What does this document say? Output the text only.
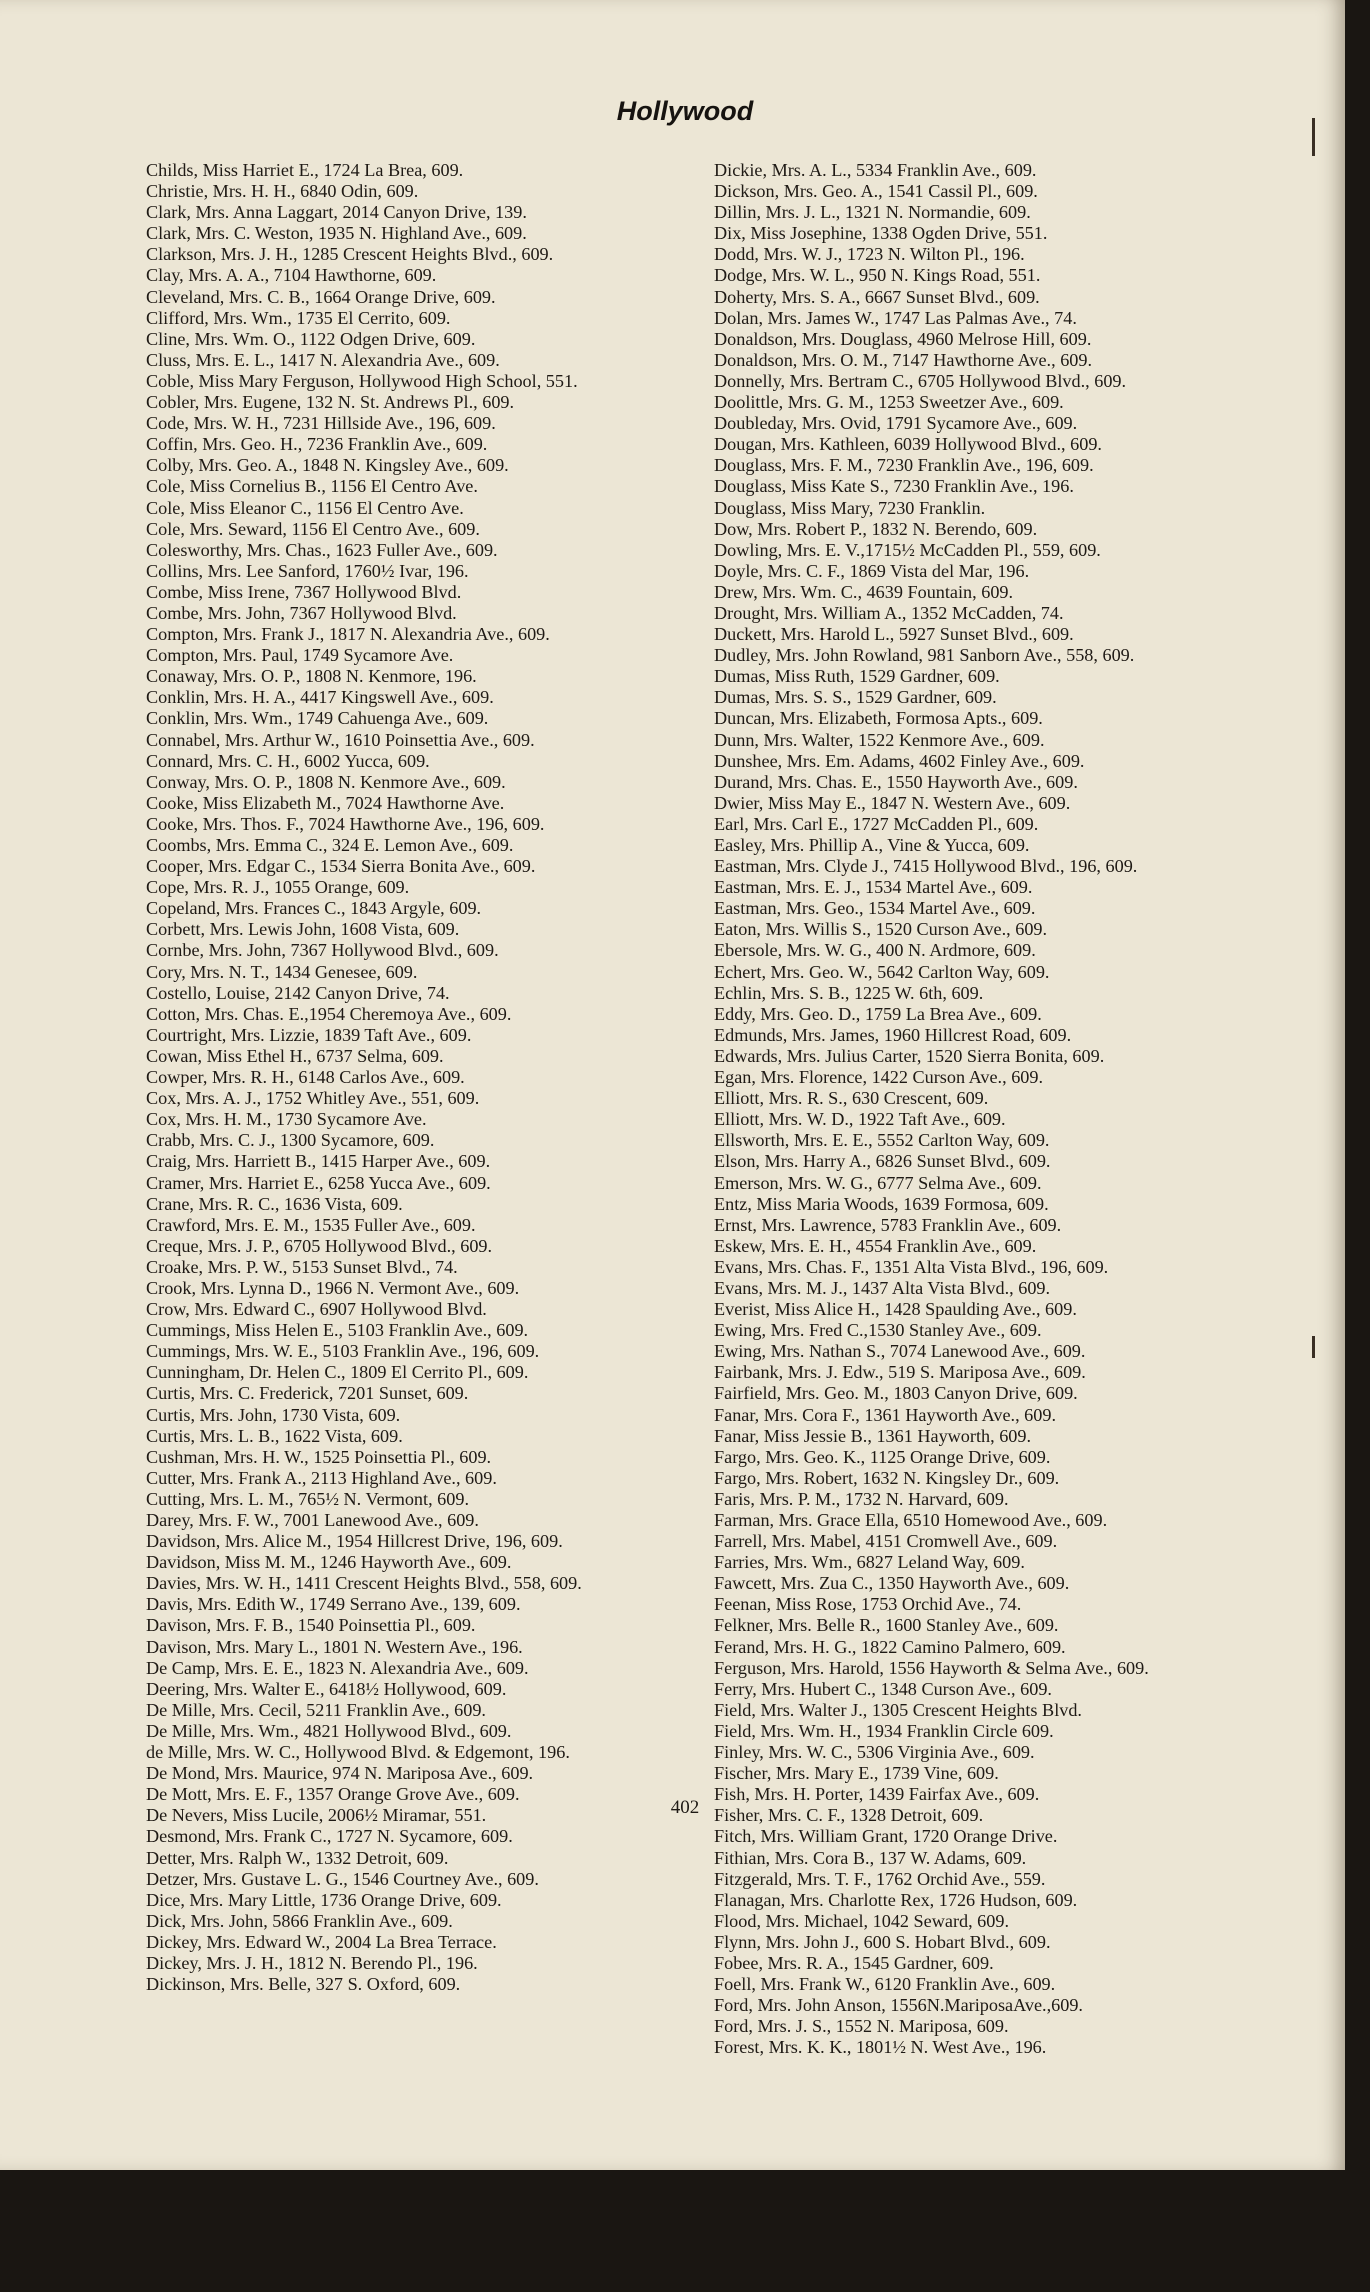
Hollywood
Childs, Miss Harriet E., 1724 La Brea, 609.
Christie, Mrs. H. H., 6840 Odin, 609.
Clark, Mrs. Anna Laggart, 2014 Canyon Drive, 139.
Clark, Mrs. C. Weston, 1935 N. Highland Ave., 609.
Clarkson, Mrs. J. H., 1285 Crescent Heights Blvd., 609.
Clay, Mrs. A. A., 7104 Hawthorne, 609.
Cleveland, Mrs. C. B., 1664 Orange Drive, 609.
Clifford, Mrs. Wm., 1735 El Cerrito, 609.
Cline, Mrs. Wm. O., 1122 Odgen Drive, 609.
Cluss, Mrs. E. L., 1417 N. Alexandria Ave., 609.
Coble, Miss Mary Ferguson, Hollywood High School, 551.
Cobler, Mrs. Eugene, 132 N. St. Andrews Pl., 609.
Code, Mrs. W. H., 7231 Hillside Ave., 196, 609.
Coffin, Mrs. Geo. H., 7236 Franklin Ave., 609.
Colby, Mrs. Geo. A., 1848 N. Kingsley Ave., 609.
Cole, Miss Cornelius B., 1156 El Centro Ave.
Cole, Miss Eleanor C., 1156 El Centro Ave.
Cole, Mrs. Seward, 1156 El Centro Ave., 609.
Colesworthy, Mrs. Chas., 1623 Fuller Ave., 609.
Collins, Mrs. Lee Sanford, 1760½ Ivar, 196.
Combe, Miss Irene, 7367 Hollywood Blvd.
Combe, Mrs. John, 7367 Hollywood Blvd.
Compton, Mrs. Frank J., 1817 N. Alexandria Ave., 609.
Compton, Mrs. Paul, 1749 Sycamore Ave.
Conaway, Mrs. O. P., 1808 N. Kenmore, 196.
Conklin, Mrs. H. A., 4417 Kingswell Ave., 609.
Conklin, Mrs. Wm., 1749 Cahuenga Ave., 609.
Connabel, Mrs. Arthur W., 1610 Poinsettia Ave., 609.
Connard, Mrs. C. H., 6002 Yucca, 609.
Conway, Mrs. O. P., 1808 N. Kenmore Ave., 609.
Cooke, Miss Elizabeth M., 7024 Hawthorne Ave.
Cooke, Mrs. Thos. F., 7024 Hawthorne Ave., 196, 609.
Coombs, Mrs. Emma C., 324 E. Lemon Ave., 609.
Cooper, Mrs. Edgar C., 1534 Sierra Bonita Ave., 609.
Cope, Mrs. R. J., 1055 Orange, 609.
Copeland, Mrs. Frances C., 1843 Argyle, 609.
Corbett, Mrs. Lewis John, 1608 Vista, 609.
Cornbe, Mrs. John, 7367 Hollywood Blvd., 609.
Cory, Mrs. N. T., 1434 Genesee, 609.
Costello, Louise, 2142 Canyon Drive, 74.
Cotton, Mrs. Chas. E.,1954 Cheremoya Ave., 609.
Courtright, Mrs. Lizzie, 1839 Taft Ave., 609.
Cowan, Miss Ethel H., 6737 Selma, 609.
Cowper, Mrs. R. H., 6148 Carlos Ave., 609.
Cox, Mrs. A. J., 1752 Whitley Ave., 551, 609.
Cox, Mrs. H. M., 1730 Sycamore Ave.
Crabb, Mrs. C. J., 1300 Sycamore, 609.
Craig, Mrs. Harriett B., 1415 Harper Ave., 609.
Cramer, Mrs. Harriet E., 6258 Yucca Ave., 609.
Crane, Mrs. R. C., 1636 Vista, 609.
Crawford, Mrs. E. M., 1535 Fuller Ave., 609.
Creque, Mrs. J. P., 6705 Hollywood Blvd., 609.
Croake, Mrs. P. W., 5153 Sunset Blvd., 74.
Crook, Mrs. Lynna D., 1966 N. Vermont Ave., 609.
Crow, Mrs. Edward C., 6907 Hollywood Blvd.
Cummings, Miss Helen E., 5103 Franklin Ave., 609.
Cummings, Mrs. W. E., 5103 Franklin Ave., 196, 609.
Cunningham, Dr. Helen C., 1809 El Cerrito Pl., 609.
Curtis, Mrs. C. Frederick, 7201 Sunset, 609.
Curtis, Mrs. John, 1730 Vista, 609.
Curtis, Mrs. L. B., 1622 Vista, 609.
Cushman, Mrs. H. W., 1525 Poinsettia Pl., 609.
Cutter, Mrs. Frank A., 2113 Highland Ave., 609.
Cutting, Mrs. L. M., 765½ N. Vermont, 609.
Darey, Mrs. F. W., 7001 Lanewood Ave., 609.
Davidson, Mrs. Alice M., 1954 Hillcrest Drive, 196, 609.
Davidson, Miss M. M., 1246 Hayworth Ave., 609.
Davies, Mrs. W. H., 1411 Crescent Heights Blvd., 558, 609.
Davis, Mrs. Edith W., 1749 Serrano Ave., 139, 609.
Davison, Mrs. F. B., 1540 Poinsettia Pl., 609.
Davison, Mrs. Mary L., 1801 N. Western Ave., 196.
De Camp, Mrs. E. E., 1823 N. Alexandria Ave., 609.
Deering, Mrs. Walter E., 6418½ Hollywood, 609.
De Mille, Mrs. Cecil, 5211 Franklin Ave., 609.
De Mille, Mrs. Wm., 4821 Hollywood Blvd., 609.
de Mille, Mrs. W. C., Hollywood Blvd. & Edgemont, 196.
De Mond, Mrs. Maurice, 974 N. Mariposa Ave., 609.
De Mott, Mrs. E. F., 1357 Orange Grove Ave., 609.
De Nevers, Miss Lucile, 2006½ Miramar, 551.
Desmond, Mrs. Frank C., 1727 N. Sycamore, 609.
Detter, Mrs. Ralph W., 1332 Detroit, 609.
Detzer, Mrs. Gustave L. G., 1546 Courtney Ave., 609.
Dice, Mrs. Mary Little, 1736 Orange Drive, 609.
Dick, Mrs. John, 5866 Franklin Ave., 609.
Dickey, Mrs. Edward W., 2004 La Brea Terrace.
Dickey, Mrs. J. H., 1812 N. Berendo Pl., 196.
Dickinson, Mrs. Belle, 327 S. Oxford, 609.
Dickie, Mrs. A. L., 5334 Franklin Ave., 609.
Dickson, Mrs. Geo. A., 1541 Cassil Pl., 609.
Dillin, Mrs. J. L., 1321 N. Normandie, 609.
Dix, Miss Josephine, 1338 Ogden Drive, 551.
Dodd, Mrs. W. J., 1723 N. Wilton Pl., 196.
Dodge, Mrs. W. L., 950 N. Kings Road, 551.
Doherty, Mrs. S. A., 6667 Sunset Blvd., 609.
Dolan, Mrs. James W., 1747 Las Palmas Ave., 74.
Donaldson, Mrs. Douglass, 4960 Melrose Hill, 609.
Donaldson, Mrs. O. M., 7147 Hawthorne Ave., 609.
Donnelly, Mrs. Bertram C., 6705 Hollywood Blvd., 609.
Doolittle, Mrs. G. M., 1253 Sweetzer Ave., 609.
Doubleday, Mrs. Ovid, 1791 Sycamore Ave., 609.
Dougan, Mrs. Kathleen, 6039 Hollywood Blvd., 609.
Douglass, Mrs. F. M., 7230 Franklin Ave., 196, 609.
Douglass, Miss Kate S., 7230 Franklin Ave., 196.
Douglass, Miss Mary, 7230 Franklin.
Dow, Mrs. Robert P., 1832 N. Berendo, 609.
Dowling, Mrs. E. V.,1715½ McCadden Pl., 559, 609.
Doyle, Mrs. C. F., 1869 Vista del Mar, 196.
Drew, Mrs. Wm. C., 4639 Fountain, 609.
Drought, Mrs. William A., 1352 McCadden, 74.
Duckett, Mrs. Harold L., 5927 Sunset Blvd., 609.
Dudley, Mrs. John Rowland, 981 Sanborn Ave., 558, 609.
Dumas, Miss Ruth, 1529 Gardner, 609.
Dumas, Mrs. S. S., 1529 Gardner, 609.
Duncan, Mrs. Elizabeth, Formosa Apts., 609.
Dunn, Mrs. Walter, 1522 Kenmore Ave., 609.
Dunshee, Mrs. Em. Adams, 4602 Finley Ave., 609.
Durand, Mrs. Chas. E., 1550 Hayworth Ave., 609.
Dwier, Miss May E., 1847 N. Western Ave., 609.
Earl, Mrs. Carl E., 1727 McCadden Pl., 609.
Easley, Mrs. Phillip A., Vine & Yucca, 609.
Eastman, Mrs. Clyde J., 7415 Hollywood Blvd., 196, 609.
Eastman, Mrs. E. J., 1534 Martel Ave., 609.
Eastman, Mrs. Geo., 1534 Martel Ave., 609.
Eaton, Mrs. Willis S., 1520 Curson Ave., 609.
Ebersole, Mrs. W. G., 400 N. Ardmore, 609.
Echert, Mrs. Geo. W., 5642 Carlton Way, 609.
Echlin, Mrs. S. B., 1225 W. 6th, 609.
Eddy, Mrs. Geo. D., 1759 La Brea Ave., 609.
Edmunds, Mrs. James, 1960 Hillcrest Road, 609.
Edwards, Mrs. Julius Carter, 1520 Sierra Bonita, 609.
Egan, Mrs. Florence, 1422 Curson Ave., 609.
Elliott, Mrs. R. S., 630 Crescent, 609.
Elliott, Mrs. W. D., 1922 Taft Ave., 609.
Ellsworth, Mrs. E. E., 5552 Carlton Way, 609.
Elson, Mrs. Harry A., 6826 Sunset Blvd., 609.
Emerson, Mrs. W. G., 6777 Selma Ave., 609.
Entz, Miss Maria Woods, 1639 Formosa, 609.
Ernst, Mrs. Lawrence, 5783 Franklin Ave., 609.
Eskew, Mrs. E. H., 4554 Franklin Ave., 609.
Evans, Mrs. Chas. F., 1351 Alta Vista Blvd., 196, 609.
Evans, Mrs. M. J., 1437 Alta Vista Blvd., 609.
Everist, Miss Alice H., 1428 Spaulding Ave., 609.
Ewing, Mrs. Fred C.,1530 Stanley Ave., 609.
Ewing, Mrs. Nathan S., 7074 Lanewood Ave., 609.
Fairbank, Mrs. J. Edw., 519 S. Mariposa Ave., 609.
Fairfield, Mrs. Geo. M., 1803 Canyon Drive, 609.
Fanar, Mrs. Cora F., 1361 Hayworth Ave., 609.
Fanar, Miss Jessie B., 1361 Hayworth, 609.
Fargo, Mrs. Geo. K., 1125 Orange Drive, 609.
Fargo, Mrs. Robert, 1632 N. Kingsley Dr., 609.
Faris, Mrs. P. M., 1732 N. Harvard, 609.
Farman, Mrs. Grace Ella, 6510 Homewood Ave., 609.
Farrell, Mrs. Mabel, 4151 Cromwell Ave., 609.
Farries, Mrs. Wm., 6827 Leland Way, 609.
Fawcett, Mrs. Zua C., 1350 Hayworth Ave., 609.
Feenan, Miss Rose, 1753 Orchid Ave., 74.
Felkner, Mrs. Belle R., 1600 Stanley Ave., 609.
Ferand, Mrs. H. G., 1822 Camino Palmero, 609.
Ferguson, Mrs. Harold, 1556 Hayworth & Selma Ave., 609.
Ferry, Mrs. Hubert C., 1348 Curson Ave., 609.
Field, Mrs. Walter J., 1305 Crescent Heights Blvd.
Field, Mrs. Wm. H., 1934 Franklin Circle 609.
Finley, Mrs. W. C., 5306 Virginia Ave., 609.
Fischer, Mrs. Mary E., 1739 Vine, 609.
Fish, Mrs. H. Porter, 1439 Fairfax Ave., 609.
Fisher, Mrs. C. F., 1328 Detroit, 609.
Fitch, Mrs. William Grant, 1720 Orange Drive.
Fithian, Mrs. Cora B., 137 W. Adams, 609.
Fitzgerald, Mrs. T. F., 1762 Orchid Ave., 559.
Flanagan, Mrs. Charlotte Rex, 1726 Hudson, 609.
Flood, Mrs. Michael, 1042 Seward, 609.
Flynn, Mrs. John J., 600 S. Hobart Blvd., 609.
Fobee, Mrs. R. A., 1545 Gardner, 609.
Foell, Mrs. Frank W., 6120 Franklin Ave., 609.
Ford, Mrs. John Anson, 1556N.MariposaAve.,609.
Ford, Mrs. J. S., 1552 N. Mariposa, 609.
Forest, Mrs. K. K., 1801½ N. West Ave., 196.
402
